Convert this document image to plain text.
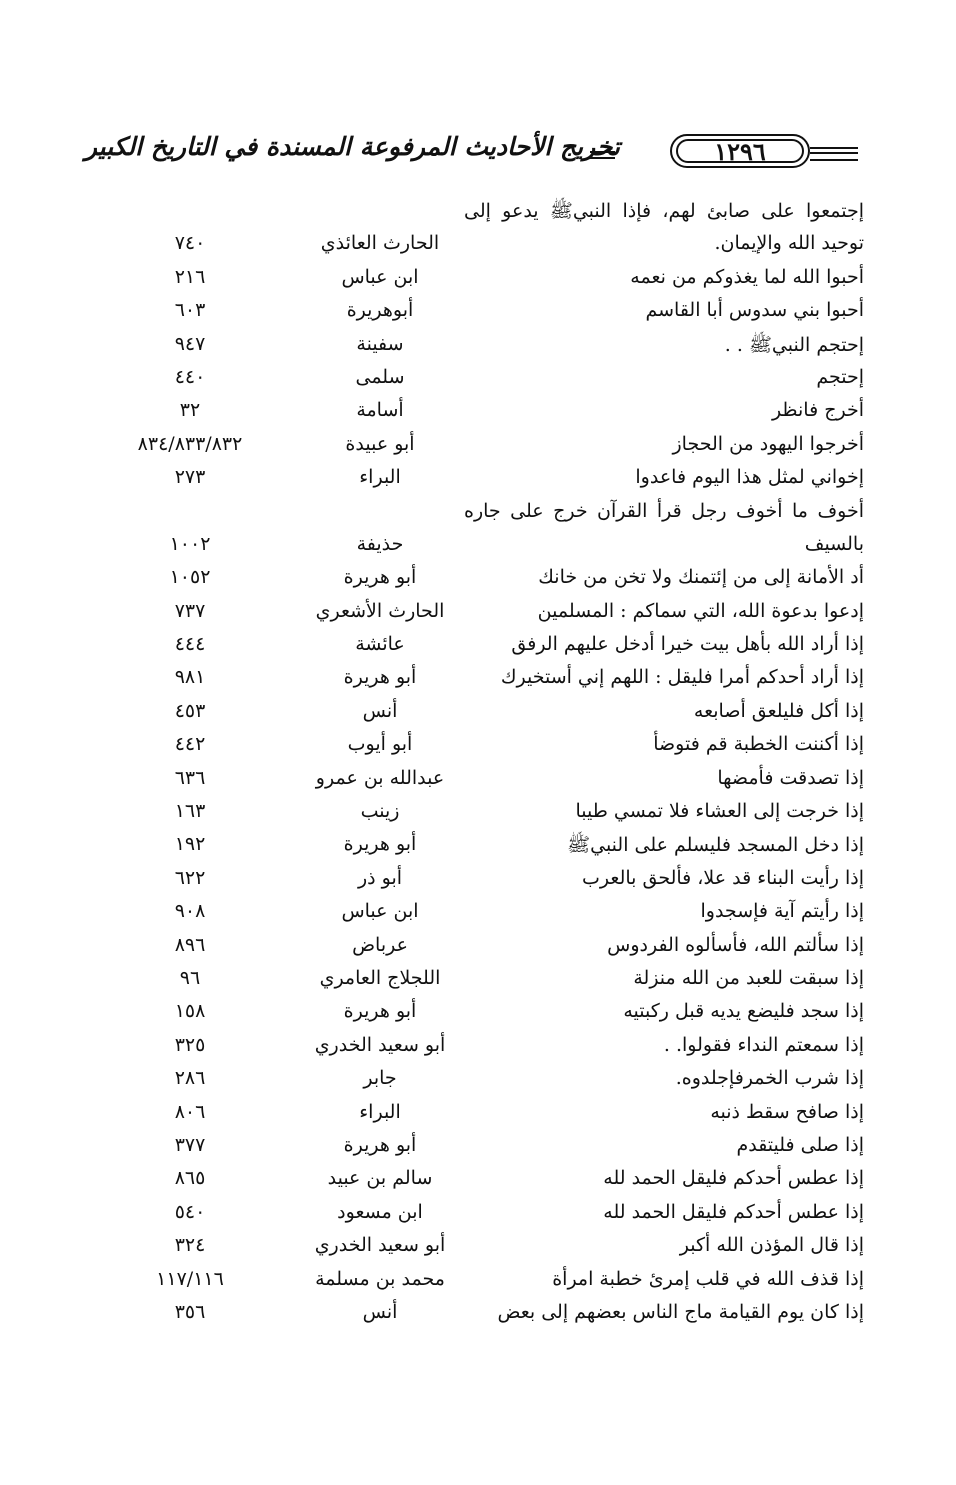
تخريج الأحاديث المرفوعة المسندة في التاريخ الكبير	١٢٩٦
إجتمعوا على صابئ لهم، فإذا النبيﷺ يدعو إلى
توحيد الله والإيمان.
الحارث العائذي
٧٤٠
أحبوا الله لما يغذوكم من نعمه
ابن عباس
٢١٦
أحبوا بني سدوس أبا القاسم
أبوهريرة
٦٠٣
إحتجم النبيﷺ . .
سفينة
٩٤٧
إحتجم
سلمى
٤٤٠
أخرج فانظر
أسامة
٣٢
أخرجوا اليهود من الحجاز
أبو عبيدة
٨٣٤/٨٣٣/٨٣٢
إخواني لمثل هذا اليوم فاعدوا
البراء
٢٧٣
أخوف ما أخوف رجل قرأ القرآن خرج على جاره
بالسيف
حذيفة
١٠٠٢
أد الأمانة إلى من إئتمنك ولا تخن من خانك
أبو هريرة
١٠٥٢
إدعوا بدعوة الله، التي سماكم : المسلمين
الحارث الأشعري
٧٣٧
إذا أراد الله بأهل بيت خيرا أدخل عليهم الرفق
عائشة
٤٤٤
إذا أراد أحدكم أمرا فليقل : اللهم إني أستخيرك
أبو هريرة
٩٨١
إذا أكل فليلعق أصابعه
أنس
٤٥٣
إذا أكننت الخطبة قم فتوضأ
أبو أيوب
٤٤٢
إذا تصدقت فأمضها
عبدالله بن عمرو
٦٣٦
إذا خرجت إلى العشاء فلا تمسي طيبا
زينب
١٦٣
إذا دخل المسجد فليسلم على النبيﷺ
أبو هريرة
١٩٢
إذا رأيت البناء قد علا، فألحق بالعرب
أبو ذر
٦٢٢
إذا رأيتم آية فإسجدوا
ابن عباس
٩٠٨
إذا سألتم الله، فأسألوه الفردوس
عرباض
٨٩٦
إذا سبقت للعبد من الله منزلة
اللجلاج العامري
٩٦
إذا سجد فليضع يديه قبل ركبتيه
أبو هريرة
١٥٨
إذا سمعتم النداء فقولوا. .
أبو سعيد الخدري
٣٢٥
إذا شرب الخمرفإجلدوه.
جابر
٢٨٦
إذا صافح سقط ذنبه
البراء
٨٠٦
إذا صلى فليتقدم
أبو هريرة
٣٧٧
إذا عطس أحدكم فليقل الحمد لله
سالم بن عبيد
٨٦٥
إذا عطس أحدكم فليقل الحمد لله
ابن مسعود
٥٤٠
إذا قال المؤذن الله أكبر
أبو سعيد الخدري
٣٢٤
إذا قذف الله في قلب إمرئ خطبة امرأة
محمد بن مسلمة
١١٧/١١٦
إذا كان يوم القيامة ماج الناس بعضهم إلى بعض
أنس
٣٥٦
